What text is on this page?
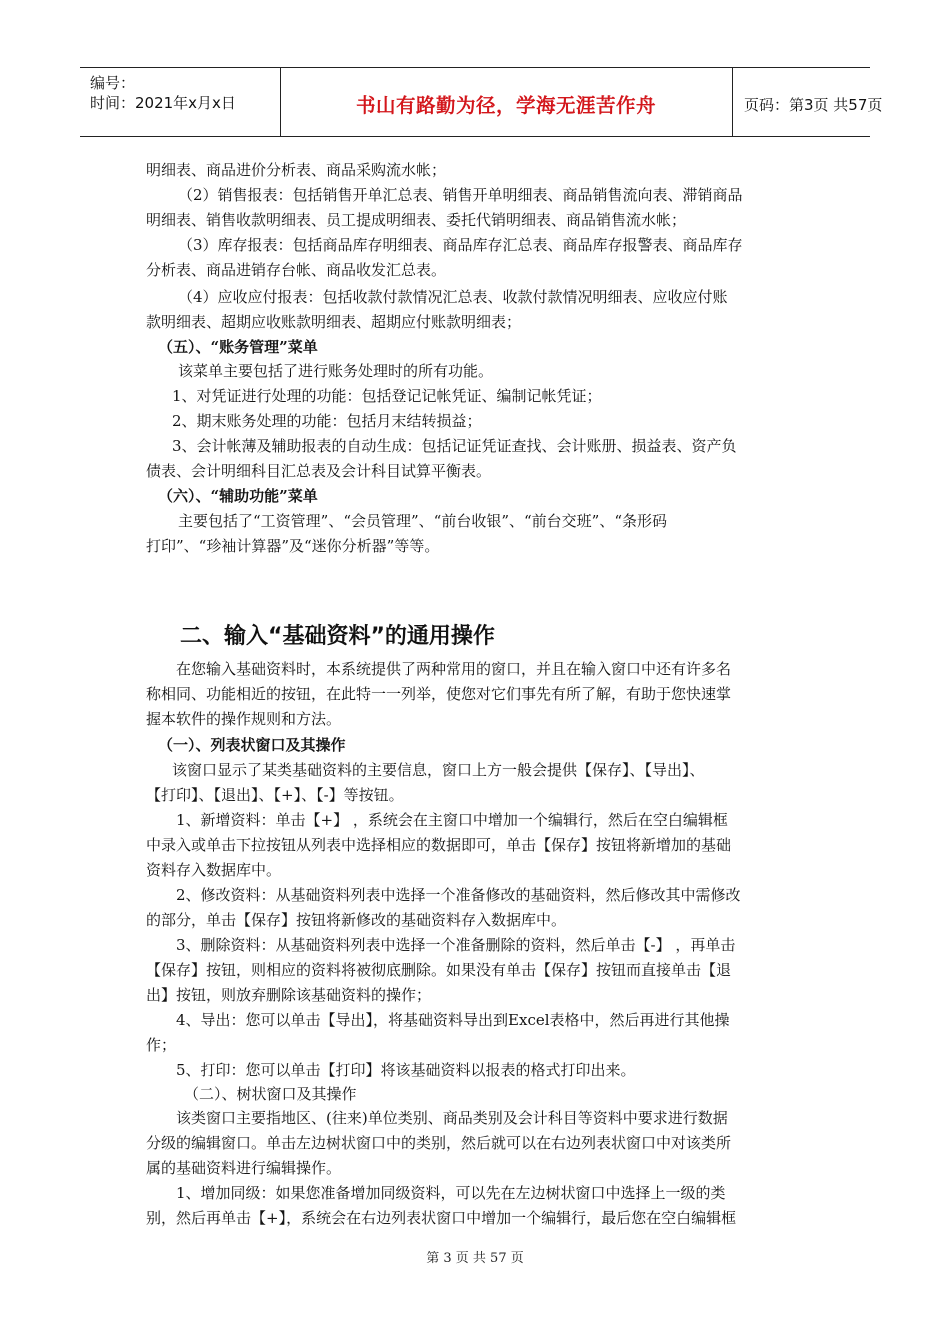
编号：
时间：2021年x月x日	书山有路勤为径，学海无涯苦作舟	页码：第3页 共57页
明细表、商品进价分析表、商品采购流水帐；
（2）销售报表：包括销售开单汇总表、销售开单明细表、商品销售流向表、滞销商品
明细表、销售收款明细表、员工提成明细表、委托代销明细表、商品销售流水帐；
（3）库存报表：包括商品库存明细表、商品库存汇总表、商品库存报警表、商品库存
分析表、商品进销存台帐、商品收发汇总表。
（4）应收应付报表：包括收款付款情况汇总表、收款付款情况明细表、应收应付账
款明细表、超期应收账款明细表、超期应付账款明细表；
（五）、“账务管理”菜单
该菜单主要包括了进行账务处理时的所有功能。
1、对凭证进行处理的功能：包括登记记帐凭证、编制记帐凭证；
2、期末账务处理的功能：包括月末结转损益；
3、会计帐薄及辅助报表的自动生成：包括记证凭证查找、会计账册、损益表、资产负
债表、会计明细科目汇总表及会计科目试算平衡表。
（六）、“辅助功能”菜单
主要包括了“工资管理”、“会员管理”、“前台收银”、“前台交班”、“条形码
打印”、“珍袖计算器”及“迷你分析器”等等。
二、输入“基础资料”的通用操作
在您输入基础资料时，本系统提供了两种常用的窗口，并且在输入窗口中还有许多名
称相同、功能相近的按钮，在此特一一列举，使您对它们事先有所了解，有助于您快速掌
握本软件的操作规则和方法。
（一）、列表状窗口及其操作
该窗口显示了某类基础资料的主要信息，窗口上方一般会提供【保存】、【导出】、
【打印】、【退出】、【+】、【-】等按钮。
1、新增资料：单击【+】 ，系统会在主窗口中增加一个编辑行，然后在空白编辑框
中录入或单击下拉按钮从列表中选择相应的数据即可，单击【保存】按钮将新增加的基础
资料存入数据库中。
2、修改资料：从基础资料列表中选择一个准备修改的基础资料，然后修改其中需修改
的部分，单击【保存】按钮将新修改的基础资料存入数据库中。
3、删除资料：从基础资料列表中选择一个准备删除的资料，然后单击【-】 ，再单击
【保存】按钮，则相应的资料将被彻底删除。如果没有单击【保存】按钮而直接单击【退
出】按钮，则放弃删除该基础资料的操作；
4、导出：您可以单击【导出】，将基础资料导出到Excel表格中，然后再进行其他操
作；
5、打印：您可以单击【打印】将该基础资料以报表的格式打印出来。
（二）、树状窗口及其操作
该类窗口主要指地区、(往来)单位类别、商品类别及会计科目等资料中要求进行数据
分级的编辑窗口。单击左边树状窗口中的类别，然后就可以在右边列表状窗口中对该类所
属的基础资料进行编辑操作。
1、增加同级：如果您准备增加同级资料，可以先在左边树状窗口中选择上一级的类
别，然后再单击【+】，系统会在右边列表状窗口中增加一个编辑行，最后您在空白编辑框
第 3 页 共 57 页
